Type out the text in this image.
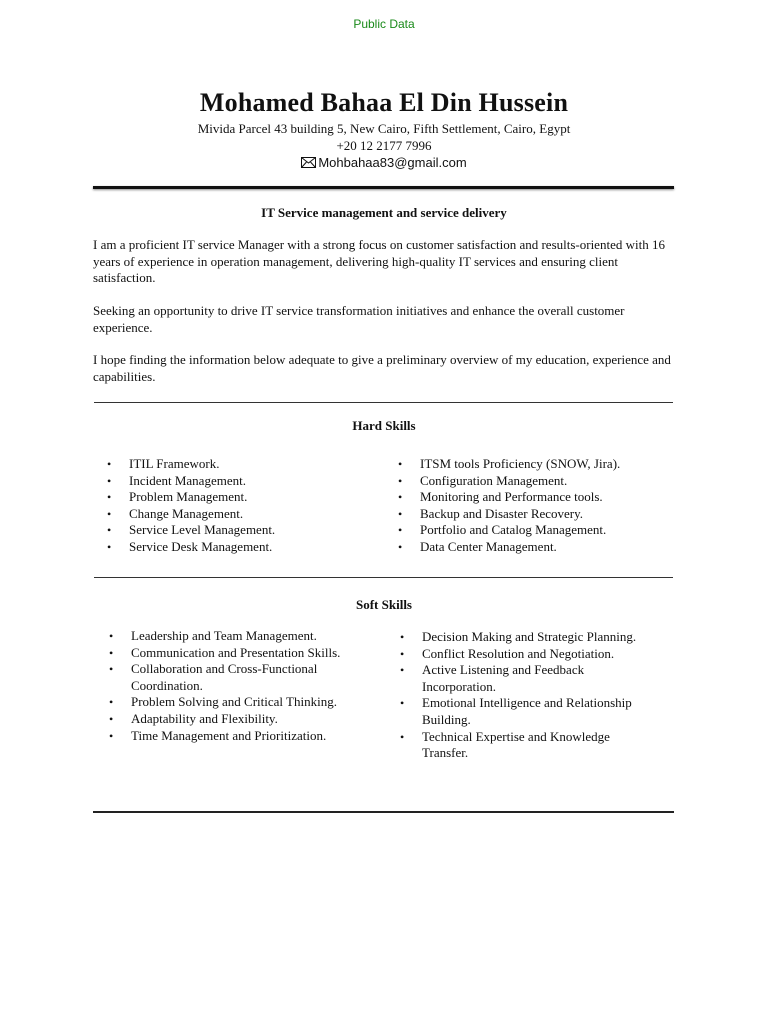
Public Data
Mohamed Bahaa El Din Hussein
Mivida Parcel 43 building 5, New Cairo, Fifth Settlement, Cairo, Egypt
+20 12 2177 7996
Mohbahaa83@gmail.com
IT Service management and service delivery

I am a proficient IT service Manager with a strong focus on customer satisfaction and results-oriented with 16 years of experience in operation management, delivering high-quality IT services and ensuring client satisfaction.

Seeking an opportunity to drive IT service transformation initiatives and enhance the overall customer experience.

I hope finding the information below adequate to give a preliminary overview of my education, experience and capabilities.

Hard Skills
• ITIL Framework.
• Incident Management.
• Problem Management.
• Change Management.
• Service Level Management.
• Service Desk Management.
• ITSM tools Proficiency (SNOW, Jira).
• Configuration Management.
• Monitoring and Performance tools.
• Backup and Disaster Recovery.
• Portfolio and Catalog Management.
• Data Center Management.
Soft Skills
• Leadership and Team Management.
• Communication and Presentation Skills.
• Collaboration and Cross-Functional Coordination.
• Problem Solving and Critical Thinking.
• Adaptability and Flexibility.
• Time Management and Prioritization.
• Decision Making and Strategic Planning.
• Conflict Resolution and Negotiation.
• Active Listening and Feedback Incorporation.
• Emotional Intelligence and Relationship Building.
• Technical Expertise and Knowledge Transfer.
